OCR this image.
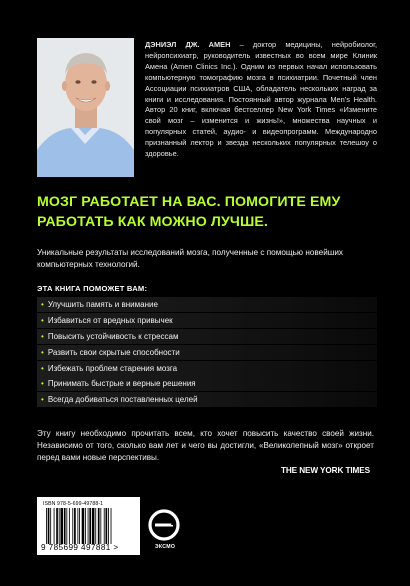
ДЭНИЭЛ ДЖ. АМЕН – доктор медицины, нейробиолог, нейропсихиатр, руководитель известных во всем мире Клиник Амена (Amen Clinics Inc.). Одним из первых начал использовать компьютерную томографию мозга в психиатрии. Почетный член Ассоциации психиатров США, обладатель нескольких наград за книги и исследования. Постоянный автор журнала Men’s Health. Автор 20 книг, включая бестселлер New York Times «Измените свой мозг – изменится и жизнь!», множества научных и популярных статей, аудио- и видеопрограмм. Международно признанный лектор и звезда нескольких популярных телешоу о здоровье.
МОЗГ РАБОТАЕТ НА ВАС. ПОМОГИТЕ ЕМУ
РАБОТАТЬ КАК МОЖНО ЛУЧШЕ.
Уникальные результаты исследований мозга, полученные с помощью новейших компьютерных технологий.
ЭТА КНИГА ПОМОЖЕТ ВАМ:
• Улучшить память и внимание
• Избавиться от вредных привычек
• Повысить устойчивость к стрессам
• Развить свои скрытые способности
• Избежать проблем старения мозга
• Принимать быстрые и верные решения
• Всегда добиваться поставленных целей
Эту книгу необходимо прочитать всем, кто хочет повысить качество своей жизни. Независимо от того, сколько вам лет и чего вы достигли, «Великолепный мозг» откроет перед вами новые перспективы.
THE NEW YORK TIMES
ISBN 978-5-699-49788-1
9 785699 497881 >	ЭКСМО
